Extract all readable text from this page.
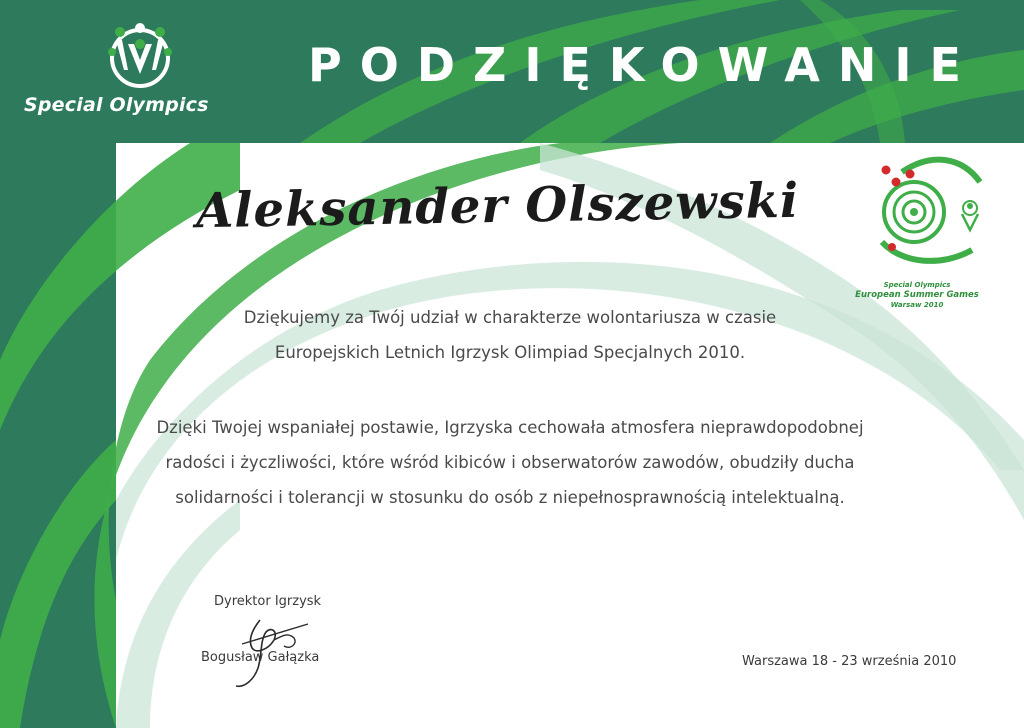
Special Olympics
PODZIĘKOWANIE
Special Olympics
European Summer Games
Warsaw 2010
Aleksander Olszewski
Dziękujemy za Twój udział w charakterze wolontariusza w czasie
Europejskich Letnich Igrzysk Olimpiad Specjalnych 2010.
Dzięki Twojej wspaniałej postawie, Igrzyska cechowała atmosfera nieprawdopodobnej
radości i życzliwości, które wśród kibiców i obserwatorów zawodów, obudziły ducha
solidarności i tolerancji w stosunku do osób z niepełnosprawnością intelektualną.
Dyrektor Igrzysk
Bogusław Gałązka	Warszawa 18 - 23 września 2010
